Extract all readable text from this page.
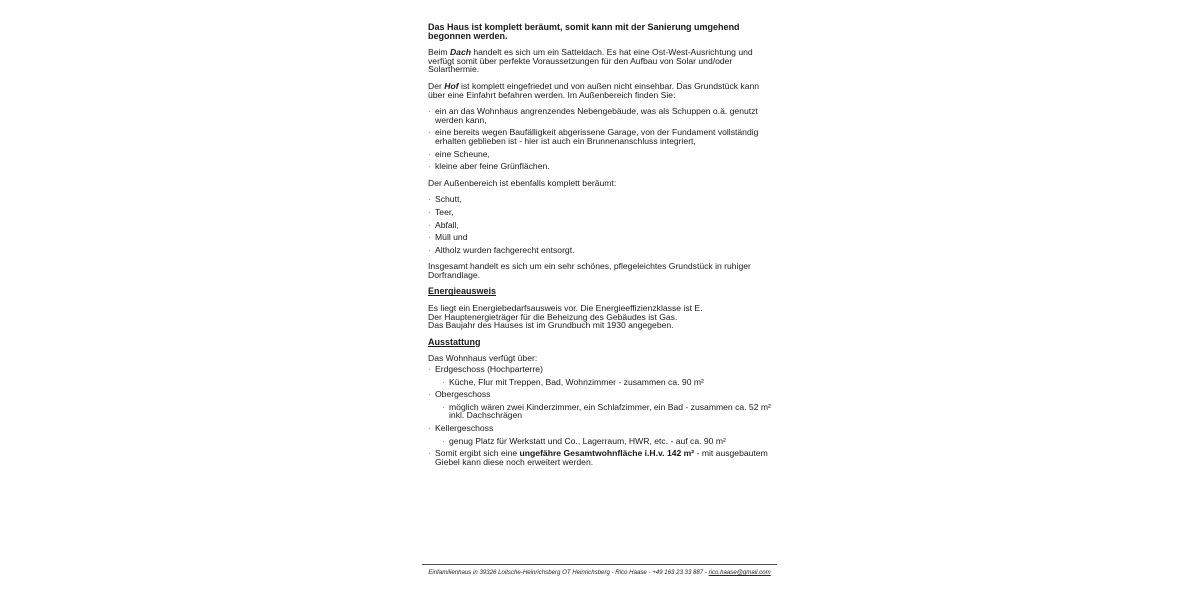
Das Haus ist komplett beräumt, somit kann mit der Sanierung umgehend begonnen werden.

Beim Dach handelt es sich um ein Satteldach. Es hat eine Ost-West-Ausrichtung und verfügt somit über perfekte Voraussetzungen für den Aufbau von Solar und/oder Solarthermie.

Der Hof ist komplett eingefriedet und von außen nicht einsehbar. Das Grundstück kann über eine Einfahrt befahren werden. Im Außenbereich finden Sie:

· ein an das Wohnhaus angrenzendes Nebengebäude, was als Schuppen o.ä. genutzt werden kann,
· eine bereits wegen Baufälligkeit abgerissene Garage, von der Fundament vollständig erhalten geblieben ist - hier ist auch ein Brunnenanschluss integriert,
· eine Scheune,
· kleine aber feine Grünflächen.

Der Außenbereich ist ebenfalls komplett beräumt:

· Schutt,
· Teer,
· Abfall,
· Müll und
· Altholz wurden fachgerecht entsorgt.

Insgesamt handelt es sich um ein sehr schönes, pflegeleichtes Grundstück in ruhiger Dorfrandlage.

Energieausweis

Es liegt ein Energiebedarfsausweis vor. Die Energieeffizienzklasse ist E.

Der Hauptenergieträger für die Beheizung des Gebäudes ist Gas.

Das Baujahr des Hauses ist im Grundbuch mit 1930 angegeben.

Ausstattung

Das Wohnhaus verfügt über:

· Erdgeschoss (Hochparterre)
· Küche, Flur mit Treppen, Bad, Wohnzimmer - zusammen ca. 90 m²
· Obergeschoss
· möglich wären zwei Kinderzimmer, ein Schlafzimmer, ein Bad - zusammen ca. 52 m² inkl. Dachschrägen
· Kellergeschoss
· genug Platz für Werkstatt und Co., Lagerraum, HWR, etc. - auf ca. 90 m²
· Somit ergibt sich eine ungefähre Gesamtwohnfläche i.H.v. 142 m² - mit ausgebautem Giebel kann diese noch erweitert werden.
Einfamilienhaus in 39326 Loitsche-Heinrichsberg OT Heinrichsberg - Rico Haase - +49 163 23 33 887 - rico.haase@gmail.com
